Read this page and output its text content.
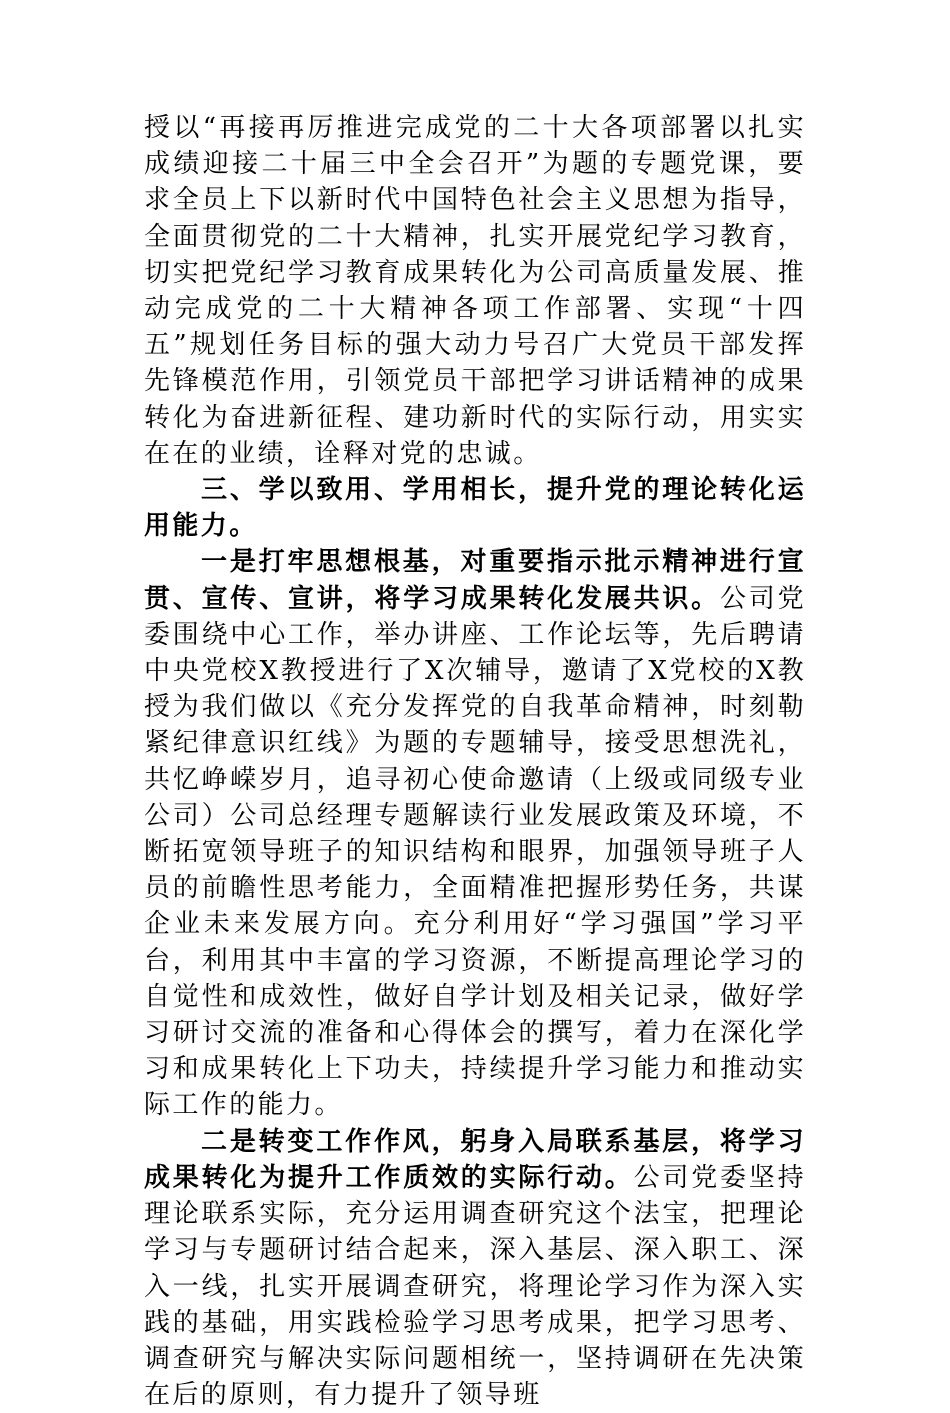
授以“再接再厉推进完成党的二十大各项部署以扎实成绩迎接二十届三中全会召开”为题的专题党课，要求全员上下以新时代中国特色社会主义思想为指导，全面贯彻党的二十大精神，扎实开展党纪学习教育，切实把党纪学习教育成果转化为公司高质量发展、推动完成党的二十大精神各项工作部署、实现“十四五”规划任务目标的强大动力号召广大党员干部发挥先锋模范作用，引领党员干部把学习讲话精神的成果转化为奋进新征程、建功新时代的实际行动，用实实在在的业绩，诠释对党的忠诚。

三、学以致用、学用相长，提升党的理论转化运用能力。

一是打牢思想根基，对重要指示批示精神进行宣贯、宣传、宣讲，将学习成果转化发展共识。公司党委围绕中心工作，举办讲座、工作论坛等，先后聘请中央党校X教授进行了X次辅导，邀请了X党校的X教授为我们做以《充分发挥党的自我革命精神，时刻勒紧纪律意识红线》为题的专题辅导，接受思想洗礼，共忆峥嵘岁月，追寻初心使命邀请（上级或同级专业公司）公司总经理专题解读行业发展政策及环境，不断拓宽领导班子的知识结构和眼界，加强领导班子人员的前瞻性思考能力，全面精准把握形势任务，共谋企业未来发展方向。充分利用好“学习强国”学习平台，利用其中丰富的学习资源，不断提高理论学习的自觉性和成效性，做好自学计划及相关记录，做好学习研讨交流的准备和心得体会的撰写，着力在深化学习和成果转化上下功夫，持续提升学习能力和推动实际工作的能力。

二是转变工作作风，躬身入局联系基层，将学习成果转化为提升工作质效的实际行动。公司党委坚持理论联系实际，充分运用调查研究这个法宝，把理论学习与专题研讨结合起来，深入基层、深入职工、深入一线，扎实开展调查研究，将理论学习作为深入实践的基础，用实践检验学习思考成果，把学习思考、调查研究与解决实际问题相统一，坚持调研在先决策在后的原则，有力提升了领导班
